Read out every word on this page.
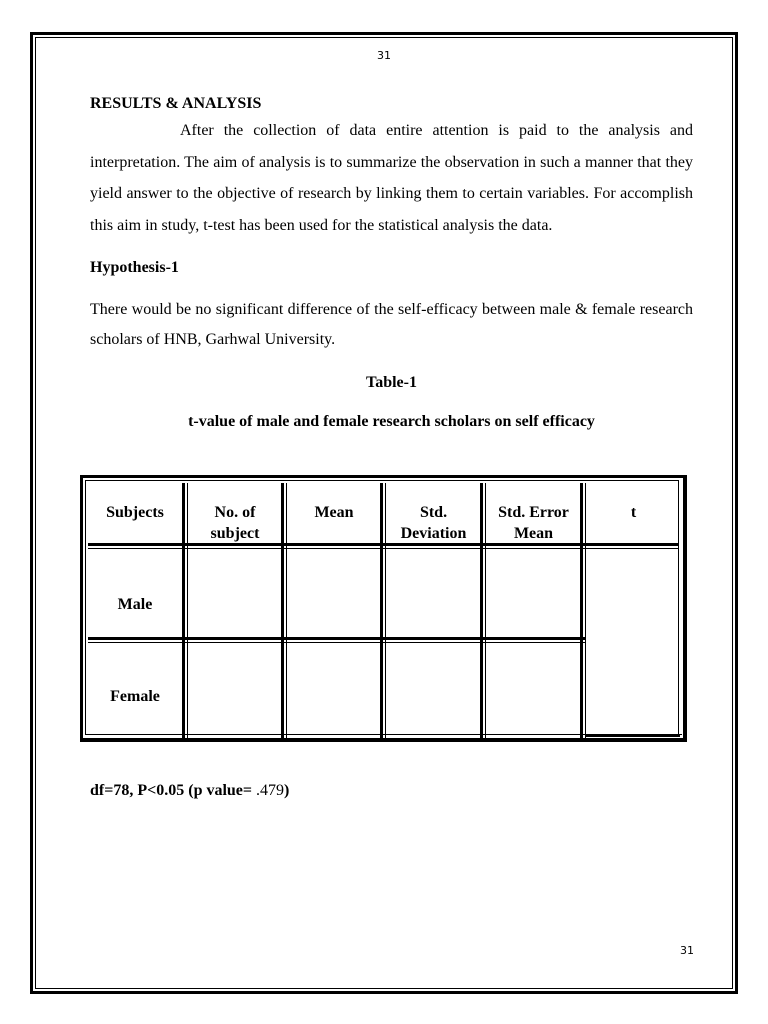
31

RESULTS & ANALYSIS

After the collection of data entire attention is paid to the analysis and interpretation. The aim of analysis is to summarize the observation in such a manner that they yield answer to the objective of research by linking them to certain variables. For accomplish this aim in study, t-test has been used for the statistical analysis the data.

Hypothesis-1

There would be no significant difference of the self-efficacy between male & female research scholars of HNB, Garhwal University.

Table-1

t-value of male and female research scholars on self efficacy

Subjects	No. of
subject
Mean	Std.
Deviation
Std. Error
Mean
t
Male
Female
df=78, P<0.05 (p value= .479)
31
